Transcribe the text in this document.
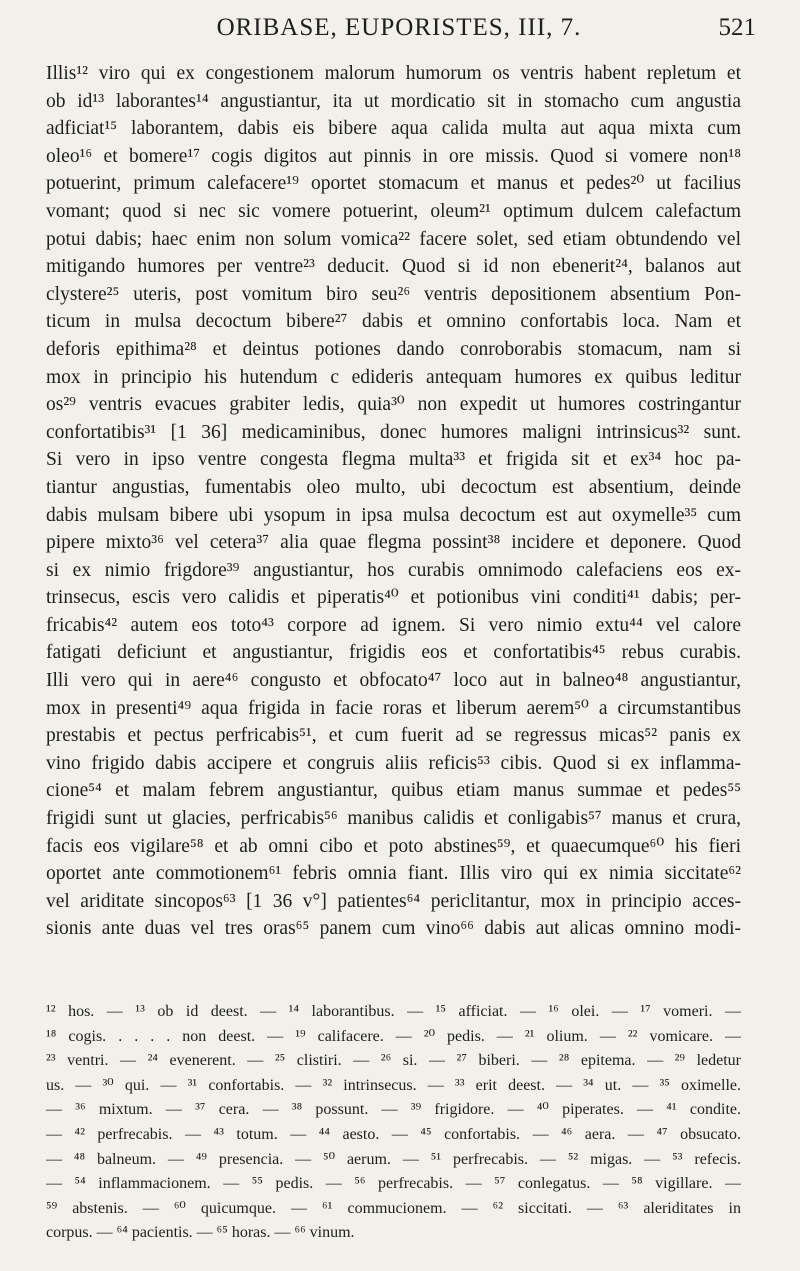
ORIBASE, EUPORISTES, III, 7.	521
Illis¹² viro qui ex congestionem malorum humorum os ventris habent repletum et
ob id¹³ laborantes¹⁴ angustiantur, ita ut mordicatio sit in stomacho cum angustia
adficiat¹⁵ laborantem, dabis eis bibere aqua calida multa aut aqua mixta cum
oleo¹⁶ et bomere¹⁷ cogis digitos aut pinnis in ore missis. Quod si vomere non¹⁸
potuerint, primum calefacere¹⁹ oportet stomacum et manus et pedes²⁰ ut facilius
vomant; quod si nec sic vomere potuerint, oleum²¹ optimum dulcem calefactum
potui dabis; haec enim non solum vomica²² facere solet, sed etiam obtundendo vel
mitigando humores per ventre²³ deducit. Quod si id non ebenerit²⁴, balanos aut
clystere²⁵ uteris, post vomitum biro seu²⁶ ventris depositionem absentium Pon-
ticum in mulsa decoctum bibere²⁷ dabis et omnino confortabis loca. Nam et
deforis epithima²⁸ et deintus potiones dando conroborabis stomacum, nam si
mox in principio his hutendum c edideris antequam humores ex quibus leditur
os²⁹ ventris evacues grabiter ledis, quia³⁰ non expedit ut humores costringantur
confortatibis³¹ [1 36] medicaminibus, donec humores maligni intrinsicus³² sunt.
Si vero in ipso ventre congesta flegma multa³³ et frigida sit et ex³⁴ hoc pa-
tiantur angustias, fumentabis oleo multo, ubi decoctum est absentium, deinde
dabis mulsam bibere ubi ysopum in ipsa mulsa decoctum est aut oxymelle³⁵ cum
pipere mixto³⁶ vel cetera³⁷ alia quae flegma possint³⁸ incidere et deponere. Quod
si ex nimio frigdore³⁹ angustiantur, hos curabis omnimodo calefaciens eos ex-
trinsecus, escis vero calidis et piperatis⁴⁰ et potionibus vini conditi⁴¹ dabis; per-
fricabis⁴² autem eos toto⁴³ corpore ad ignem. Si vero nimio extu⁴⁴ vel calore
fatigati deficiunt et angustiantur, frigidis eos et confortatibis⁴⁵ rebus curabis.
Illi vero qui in aere⁴⁶ congusto et obfocato⁴⁷ loco aut in balneo⁴⁸ angustiantur,
mox in presenti⁴⁹ aqua frigida in facie roras et liberum aerem⁵⁰ a circumstantibus
prestabis et pectus perfricabis⁵¹, et cum fuerit ad se regressus micas⁵² panis ex
vino frigido dabis accipere et congruis aliis reficis⁵³ cibis. Quod si ex inflamma-
cione⁵⁴ et malam febrem angustiantur, quibus etiam manus summae et pedes⁵⁵
frigidi sunt ut glacies, perfricabis⁵⁶ manibus calidis et conligabis⁵⁷ manus et crura,
facis eos vigilare⁵⁸ et ab omni cibo et poto abstines⁵⁹, et quaecumque⁶⁰ his fieri
oportet ante commotionem⁶¹ febris omnia fiant. Illis viro qui ex nimia siccitate⁶²
vel ariditate sincopos⁶³ [1 36 v°] patientes⁶⁴ periclitantur, mox in principio acces-
sionis ante duas vel tres oras⁶⁵ panem cum vino⁶⁶ dabis aut alicas omnino modi-
¹² hos. — ¹³ ob id deest. — ¹⁴ laborantibus. — ¹⁵ afficiat. — ¹⁶ olei. — ¹⁷ vomeri. —
¹⁸ cogis. . . . . non deest. — ¹⁹ califacere. — ²⁰ pedis. — ²¹ olium. — ²² vomicare. —
²³ ventri. — ²⁴ evenerent. — ²⁵ clistiri. — ²⁶ si. — ²⁷ biberi. — ²⁸ epitema. — ²⁹ ledetur
us. — ³⁰ qui. — ³¹ confortabis. — ³² intrinsecus. — ³³ erit deest. — ³⁴ ut. — ³⁵ oximelle.
— ³⁶ mixtum. — ³⁷ cera. — ³⁸ possunt. — ³⁹ frigidore. — ⁴⁰ piperates. — ⁴¹ condite.
— ⁴² perfrecabis. — ⁴³ totum. — ⁴⁴ aesto. — ⁴⁵ confortabis. — ⁴⁶ aera. — ⁴⁷ obsucato.
— ⁴⁸ balneum. — ⁴⁹ presencia. — ⁵⁰ aerum. — ⁵¹ perfrecabis. — ⁵² migas. — ⁵³ refecis.
— ⁵⁴ inflammacionem. — ⁵⁵ pedis. — ⁵⁶ perfrecabis. — ⁵⁷ conlegatus. — ⁵⁸ vigillare. —
⁵⁹ abstenis. — ⁶⁰ quicumque. — ⁶¹ commucionem. — ⁶² siccitati. — ⁶³ aleriditates in
corpus. — ⁶⁴ pacientis. — ⁶⁵ horas. — ⁶⁶ vinum.
